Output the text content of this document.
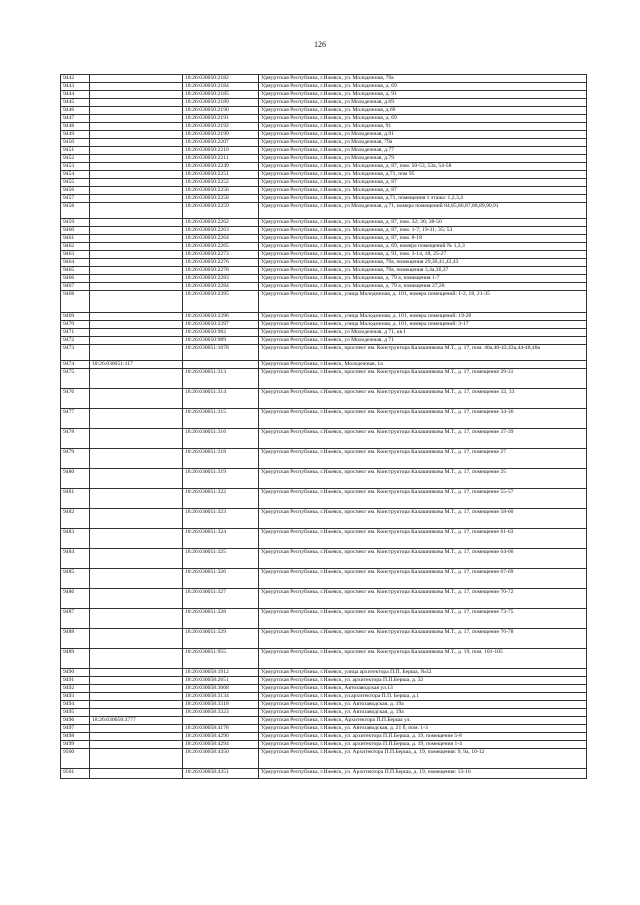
126
9442		18:26:030050:2182	Удмуртская Республика, г.Ижевск, ул. Молодежная, 79а
9443		18:26:030050:2184	Удмуртская Республика, г.Ижевск, ул. Молодежная, д. 69
9444		18:26:030050:2185	Удмуртская Республика, г.Ижевск, ул. Молодежная, д. 91
9445		18:26:030050:2189	Удмуртская Республика, г.Ижевск, ул Молодежная, д.69
9446		18:26:030050:2190	Удмуртская Республика, г.Ижевск, ул. Молодежная, д.69
9447		18:26:030050:2191	Удмуртская Республика, г.Ижевск, ул. Молодежная, д. 69
9448		18:26:030050:2192	Удмуртская Республика, г.Ижевск, ул. Молодежная, 91
9449		18:26:030050:2199	Удмуртская Республика, г.Ижевск, ул Молодежная, д.91
9450		18:26:030050:2207	Удмуртская Республика, г.Ижевск, ул Молодежная, 79а
9451		18:26:030050:2210	Удмуртская Республика, г.Ижевск, ул Молодежная, д.77
9452		18:26:030050:2211	Удмуртская Республика, г.Ижевск, ул Молодежная, д.79
9453		18:26:030050:2249	Удмуртская Республика, г.Ижевск, ул. Молодежная, д. 87, пом. 50-53, 53а, 54-58
9454		18:26:030050:2251	Удмуртская Республика, г.Ижевск, ул. Молодежная, д.71, пом 95
9455		18:26:030050:2252	Удмуртская Республика, г.Ижевск, ул. Молодежная, д. 87
9456		18:26:030050:2256	Удмуртская Республика, г.Ижевск, ул. Молодежная, д. 87
9457		18:26:030050:2258	Удмуртская Республика, г.Ижевск, ул. Молодежная, д.71, помещения 1 этажа: 1,2,3,4
9458		18:26:030050:2259	Удмуртская Республика, г.Ижевск, ул Молодежная, д.71, номера помещений 84,85,86,87,88,89,90,91
9459		18:26:030050:2262	Удмуртская Республика, г.Ижевск, ул. Молодежная, д. 87, пом. 32; 36; 38-50
9460		18:26:030050:2263	Удмуртская Республика, г.Ижевск, ул. Молодежная, д. 87, пом. 1-7; 19-31; 35; 53
9461		18:26:030050:2264	Удмуртская Республика, г.Ижевск, ул. Молодежная, д. 87, пом. 8-18
9462		18:26:030050:2265	Удмуртская Республика, г.Ижевск, ул. Молодежная, д. 69, номера помещений № 1,2,3
9463		18:26:030050:2273	Удмуртская Республика, г.Ижевск, ул. Молодежная, д. 91, пом. 3-14, 18, 25-27
9464		18:26:030050:2276	Удмуртская Республика, г.Ижевск, ул. Молодежная, 79а, помещения 29,30,41,42,43
9465		18:26:030050:2278	Удмуртская Республика, г.Ижевск, ул. Молодежная, 79а, помещения 3,4а,36,37
9466		18:26:030050:2283	Удмуртская Республика, г.Ижевск, ул. Молодежная, д. 79 а, помещения 1-7
9467		18:26:030050:2284	Удмуртская Республика, г.Ижевск, ул. Молодежная, д. 79 а, помещения 27,28
9468		18:26:030050:2395	Удмуртская Республика, г.Ижевск, улица Молодежная, д. 101, номера помещений: 1-2, 18, 21-35
9469		18:26:030050:2396	Удмуртская Республика, г.Ижевск, улица Молодежная, д. 101, номера помещений: 19-20
9470		18:26:030050:2397	Удмуртская Республика, г.Ижевск, улица Молодежная, д. 101, номера помещений: 3-17
9471		18:26:030050:982	Удмуртская Республика, г.Ижевск, ул Молодежная, д 71, кв I
9472		18:26:030050:989	Удмуртская Республика, г.Ижевск, ул Молодежная, д 71
9473		18:26:030051:1078	Удмуртская Республика, г.Ижевск, проспект им. Конструктора Калашникова М.Т., д. 17, пом. 40а,40-43,43а,44-48,48а
9474	18:26:030051:117		Удмуртская Республика, г.Ижевск, Молодежная, 1а
9475		18:26:030051:313	Удмуртская Республика, г.Ижевск, проспект им. Конструктора Калашникова М.Т., д. 17, помещение 29-31
9476		18:26:030051:314	Удмуртская Республика, г.Ижевск, проспект им. Конструктора Калашникова М.Т., д. 17, помещение 32, 33
9477		18:26:030051:315	Удмуртская Республика, г.Ижевск, проспект им. Конструктора Калашникова М.Т., д. 17, помещение 34-36
9478		18:26:030051:316	Удмуртская Республика, г.Ижевск, проспект им. Конструктора Калашникова М.Т., д. 17, помещение 37-39
9479		18:26:030051:318	Удмуртская Республика, г.Ижевск, проспект им. Конструктора Калашникова М.Т., д. 17, помещение 27
9480		18:26:030051:319	Удмуртская Республика, г.Ижевск, проспект им. Конструктора Калашникова М.Т., д. 17, помещение 25
9481		18:26:030051:322	Удмуртская Республика, г.Ижевск, проспект им. Конструктора Калашникова М.Т., д. 17, помещение 55-57
9482		18:26:030051:323	Удмуртская Республика, г.Ижевск, проспект им. Конструктора Калашникова М.Т., д. 17, помещение 58-60
9483		18:26:030051:324	Удмуртская Республика, г.Ижевск, проспект им. Конструктора Калашникова М.Т., д. 17, помещение 61-63
9484		18:26:030051:325	Удмуртская Республика, г.Ижевск, проспект им. Конструктора Калашникова М.Т., д. 17, помещение 64-66
9485		18:26:030051:326	Удмуртская Республика, г.Ижевск, проспект им. Конструктора Калашникова М.Т., д. 17, помещение 67-69
9486		18:26:030051:327	Удмуртская Республика, г.Ижевск, проспект им. Конструктора Калашникова М.Т., д. 17, помещение 70-72
9487		18:26:030051:328	Удмуртская Республика, г.Ижевск, проспект им. Конструктора Калашникова М.Т., д. 17, помещение 73-75
9488		18:26:030051:329	Удмуртская Республика, г.Ижевск, проспект им. Конструктора Калашникова М.Т., д. 17, помещение 76-78
9489		18:26:030051:955	Удмуртская Республика, г.Ижевск, проспект им. Конструктора Калашникова М.Т., д. 19, пом. 101-105
9490		18:26:030058:1912	Удмуртская Республика, г.Ижевск, улица архитектора П.П. Берша, №32
9491		18:26:030058:2651	Удмуртская Республика, г.Ижевск, ул. архитектора П.П.Берша, д. 32
9492		18:26:030058:3068	Удмуртская Республика, г.Ижевск, Автозаводская ул.13
9493		18:26:030058:3134	Удмуртская Республика, г.Ижевск, ул.архитектора П.П. Берша, д.1
9494		18:26:030058:3318	Удмуртская Республика, г.Ижевск, ул. Автозаводская, д. 19а
9495		18:26:030058:3323	Удмуртская Республика, г.Ижевск, ул. Автозаводская, д. 19а
9496	18:26:030058:3777		Удмуртская Республика, г.Ижевск, Архитектора П.П.Берша ул.
9497		18:26:030058:4178	Удмуртская Республика, г.Ижевск, ул. Автозаводская, д. 21 б, пом. 1-3
9498		18:26:030058:4290	Удмуртская Республика, г.Ижевск, ул. архитектора П.П.Берша, д. 19, помещение 5-8
9499		18:26:030058:4294	Удмуртская Республика, г.Ижевск, ул. архитектора П.П.Берша, д. 19, помещения 1-4
9500		18:26:030058:4350	Удмуртская Республика, г.Ижевск, ул. Архитектора П.П.Берша, д. 19, помещения: 9, 9а, 10-12
9501		18:26:030058:4351	Удмуртская Республика, г.Ижевск, ул. Архитектора П.П.Берша, д. 19, помещения: 13-16
